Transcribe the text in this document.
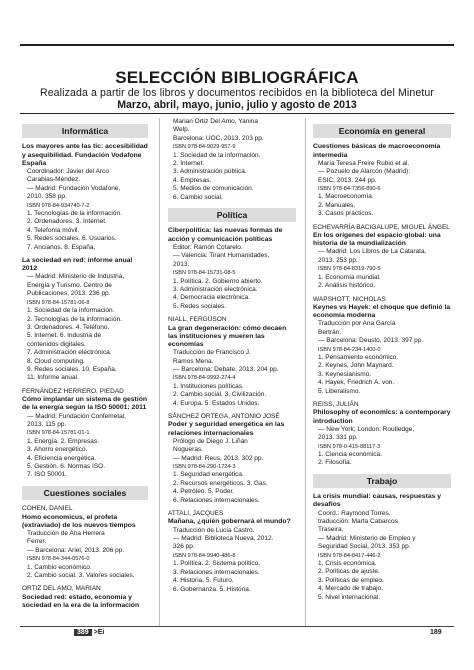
SELECCIÓN BIBLIOGRÁFICA
Realizada a partir de los libros y documentos recibidos en la biblioteca del Minetur
Marzo, abril, mayo, junio, julio y agosto de 2013
Informática
Los mayores ante las tic: accesibilidad y asequibilidad. Fundación Vodafone España
Coordinador: Javier del Arco
Carabias-Méndez.
— Madrid: Fundación Vodafone,
2010. 358 pp.
ISBN 978-84-934740-7-2
1. Tecnologías de la información.
2. Ordenadores. 3. Internet.
4. Telefonía móvil.
5. Redes sociales. 6. Usuarios.
7. Ancianos. 8. España.
La sociedad en red: informe anual 2012
— Madrid: Ministerio de Industria,
Energía y Turismo. Centro de
Publicaciones, 2013. 236 pp.
ISBN 978-84-15781-06-8
1. Sociedad de la información.
2. Tecnologías de la información.
3. Ordenadores. 4. Teléfono.
5. Internet. 6. Industria de
contenidos digitales.
7. Administración electrónica.
8. Cloud computing.
9. Redes sociales. 10. España.
11. Informe anual.
FERNÁNDEZ HERRERO, PIEDAD
Cómo implantar un sistema de gestión de la energía según la ISO 50001: 2011
— Madrid: Fundación Confemetal,
2013. 115 pp.
ISBN 978-84-15781-01-1
1. Energía. 2. Empresas.
3. Ahorro energético.
4. Eficiencia energética.
5. Gestión. 6. Normas ISO.
7. ISO 50001.
Cuestiones sociales
COHEN, DANIEL
Homo economicus, el profeta (extraviado) de los nuevos tiempos
Traducción de Ana Herrera
Ferrer.
— Barcelona: Ariel, 2013. 206 pp.
ISBN 978-84-344-0576-0
1. Cambio económico.
2. Cambio social. 3. Valores sociales.
ORTIZ DEL AMO, MARIAN
Sociedad red: estado, economía y sociedad en la era de la información
Marian Ortiz Del Amo, Yanina
Welp.
Barcelona: UOC, 2013. 203 pp.
ISBN 978-84-9029-957-9
1. Sociedad de la información.
2. Internet.
3. Administración pública.
4. Empresas.
5. Medios de comunicación.
6. Cambio social.
Política
Ciberpolítica: las nuevas formas de acción y comunicación políticas
Editor: Ramón Cotarelo.
— Valencia: Tirant Humanidades,
2013.
ISBN 978-84-15731-08-5
1. Política. 2. Gobierno abierto.
3. Administración electrónica.
4. Democracia electrónica.
5. Redes sociales.
NIALL, FERGUSON
La gran degeneración: cómo decaen las instituciones y mueren las economías
Traducción de Francisco J.
Ramos Mena.
— Barcelona: Debate, 2013. 204 pp.
ISBN 978-84-9992-274-4
1. Instituciones políticas.
2. Cambio social. 3. Civilización.
4. Europa. 5. Estados Unidos.
SÁNCHEZ ORTEGA, ANTONIO JOSÉ
Poder y seguridad energética en las relaciones internacionales
Prólogo de Diego J. Liñán
Nogueras.
— Madrid: Reus, 2013. 302 pp.
ISBN 978-84-290-1724-3
1. Seguridad energética.
2. Recursos energéticos. 3. Gas.
4. Petróleo. 5. Poder.
6. Relaciones internacionales.
ATTALI, JACQUES
Mañana, ¿quién gobernará el mundo?
Traducción de Lucía Castro.
— Madrid: Biblioteca Nueva, 2012.
326 pp.
ISBN 978-84-9940-486-8
1. Política. 2. Sistema político.
3. Relaciones internacionales.
4. Historia. 5. Futuro.
6. Gobernanza. 5. Historia.
Economía en general
Cuestiones básicas de macroeconomía intermedia
María Teresa Freire Rubio et al.
— Pozuelo de Alarcón (Madrid):
ESIC, 2013. 244 pp.
ISBN 978-84-7356-890-6
1. Macroeconomía.
2. Manuales.
3. Casos prácticos.
ECHEVARRÍA BACIGALUPE, MIGUEL ÁNGEL
En los orígenes del espacio global: una historia de la mundialización
— Madrid: Los Libros de La Catarata,
2013. 253 pp.
ISBN 978-84-8319-790-5
1. Economía mundial.
2. Análisis histórico.
WAPSHOTT, NICHOLAS
Keynes vs Hayek: el choque que definió la economía moderna
Traducción por Ana García
Bertrán.
— Barcelona: Deusto, 2013. 397 pp.
ISBN 978-84-234-1400-0
1. Pensamiento económico.
2. Keynes, John Maynard.
3. Keynesianismo.
4. Hayek, Friedrich A. von.
5. Liberalismo.
REISS, JULIÁN
Philosophy of economics: a contemporary introduction
— New York; London: Routledge,
2013. 331 pp.
ISBN 978-0-415-88117-3
1. Ciencia económica.
2. Filosofía.
Trabajo
La crisis mundial: causas, respuestas y desafíos
Coord.: Raymond Torres.
traducción: Marta Cabarcos
Traseira.
— Madrid: Ministerio de Empleo y
Seguridad Social, 2013. 353 pp.
ISBN 978-84-8417-446-2
1. Crisis económica.
2. Políticas de ajuste.
3. Políticas de empleo.
4. Mercado de trabajo.
5. Nivel internacional.
389 >Ei	189
